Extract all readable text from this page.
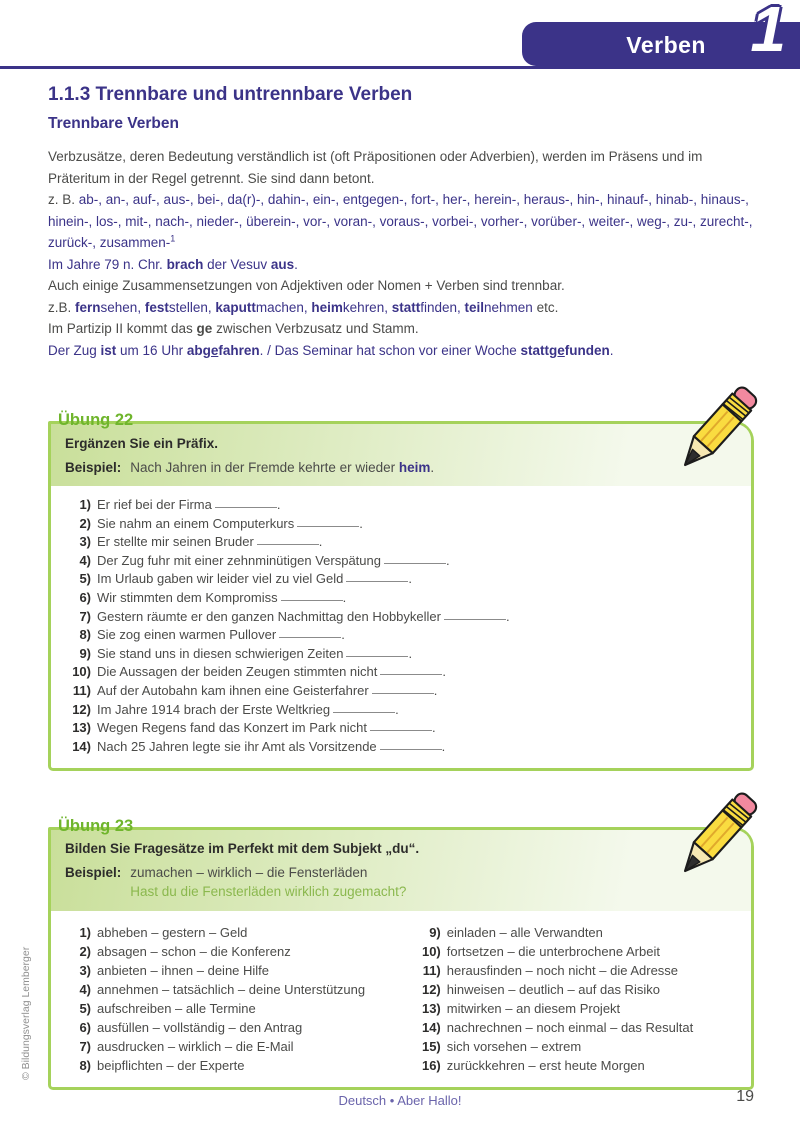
Verben 1
1.1.3 Trennbare und untrennbare Verben
Trennbare Verben
Verbzusätze, deren Bedeutung verständlich ist (oft Präpositionen oder Adverbien), werden im Präsens und im Präteritum in der Regel getrennt. Sie sind dann betont.
z. B. ab-, an-, auf-, aus-, bei-, da(r)-, dahin-, ein-, entgegen-, fort-, her-, herein-, heraus-, hin-, hinauf-, hinab-, hinaus-, hinein-, los-, mit-, nach-, nieder-, überein-, vor-, voran-, voraus-, vorbei-, vorher-, vorüber-, weiter-, weg-, zu-, zurecht-, zurück-, zusammen-$^1$
Im Jahre 79 n. Chr. brach der Vesuv aus.
Auch einige Zusammensetzungen von Adjektiven oder Nomen + Verben sind trennbar.
z.B. fernsehen, feststellen, kaputtmachen, heimkehren, stattfinden, teilnehmen etc.
Im Partizip II kommt das ge zwischen Verbzusatz und Stamm.
Der Zug ist um 16 Uhr abgefahren. / Das Seminar hat schon vor einer Woche stattgefunden.
Übung 22
Ergänzen Sie ein Präfix.
Beispiel: Nach Jahren in der Fremde kehrte er wieder heim.
1) Er rief bei der Firma	.
2) Sie nahm an einem Computerkurs	.
3) Er stellte mir seinen Bruder	.
4) Der Zug fuhr mit einer zehnminütigen Verspätung	.
5) Im Urlaub gaben wir leider viel zu viel Geld	.
6) Wir stimmten dem Kompromiss	.
7) Gestern räumte er den ganzen Nachmittag den Hobbykeller	.
8) Sie zog einen warmen Pullover	.
9) Sie stand uns in diesen schwierigen Zeiten	.
10) Die Aussagen der beiden Zeugen stimmten nicht	.
11) Auf der Autobahn kam ihnen eine Geisterfahrer	.
12) Im Jahre 1914 brach der Erste Weltkrieg	.
13) Wegen Regens fand das Konzert im Park nicht	.
14) Nach 25 Jahren legte sie ihr Amt als Vorsitzende	.
Übung 23
Bilden Sie Fragesätze im Perfekt mit dem Subjekt „du“.
Beispiel: zumachen – wirklich – die Fensterläden
Hast du die Fensterläden wirklich zugemacht?
1) abheben – gestern – Geld
2) absagen – schon – die Konferenz
3) anbieten – ihnen – deine Hilfe
4) annehmen – tatsächlich – deine Unterstützung
5) aufschreiben – alle Termine
6) ausfüllen – vollständig – den Antrag
7) ausdrucken – wirklich – die E-Mail
8) beipflichten – der Experte
9) einladen – alle Verwandten
10) fortsetzen – die unterbrochene Arbeit
11) herausfinden – noch nicht – die Adresse
12) hinweisen – deutlich – auf das Risiko
13) mitwirken – an diesem Projekt
14) nachrechnen – noch einmal – das Resultat
15) sich vorsehen – extrem
16) zurückkehren – erst heute Morgen
Deutsch • Aber Hallo!	19
© Bildungsverlag Lemberger
